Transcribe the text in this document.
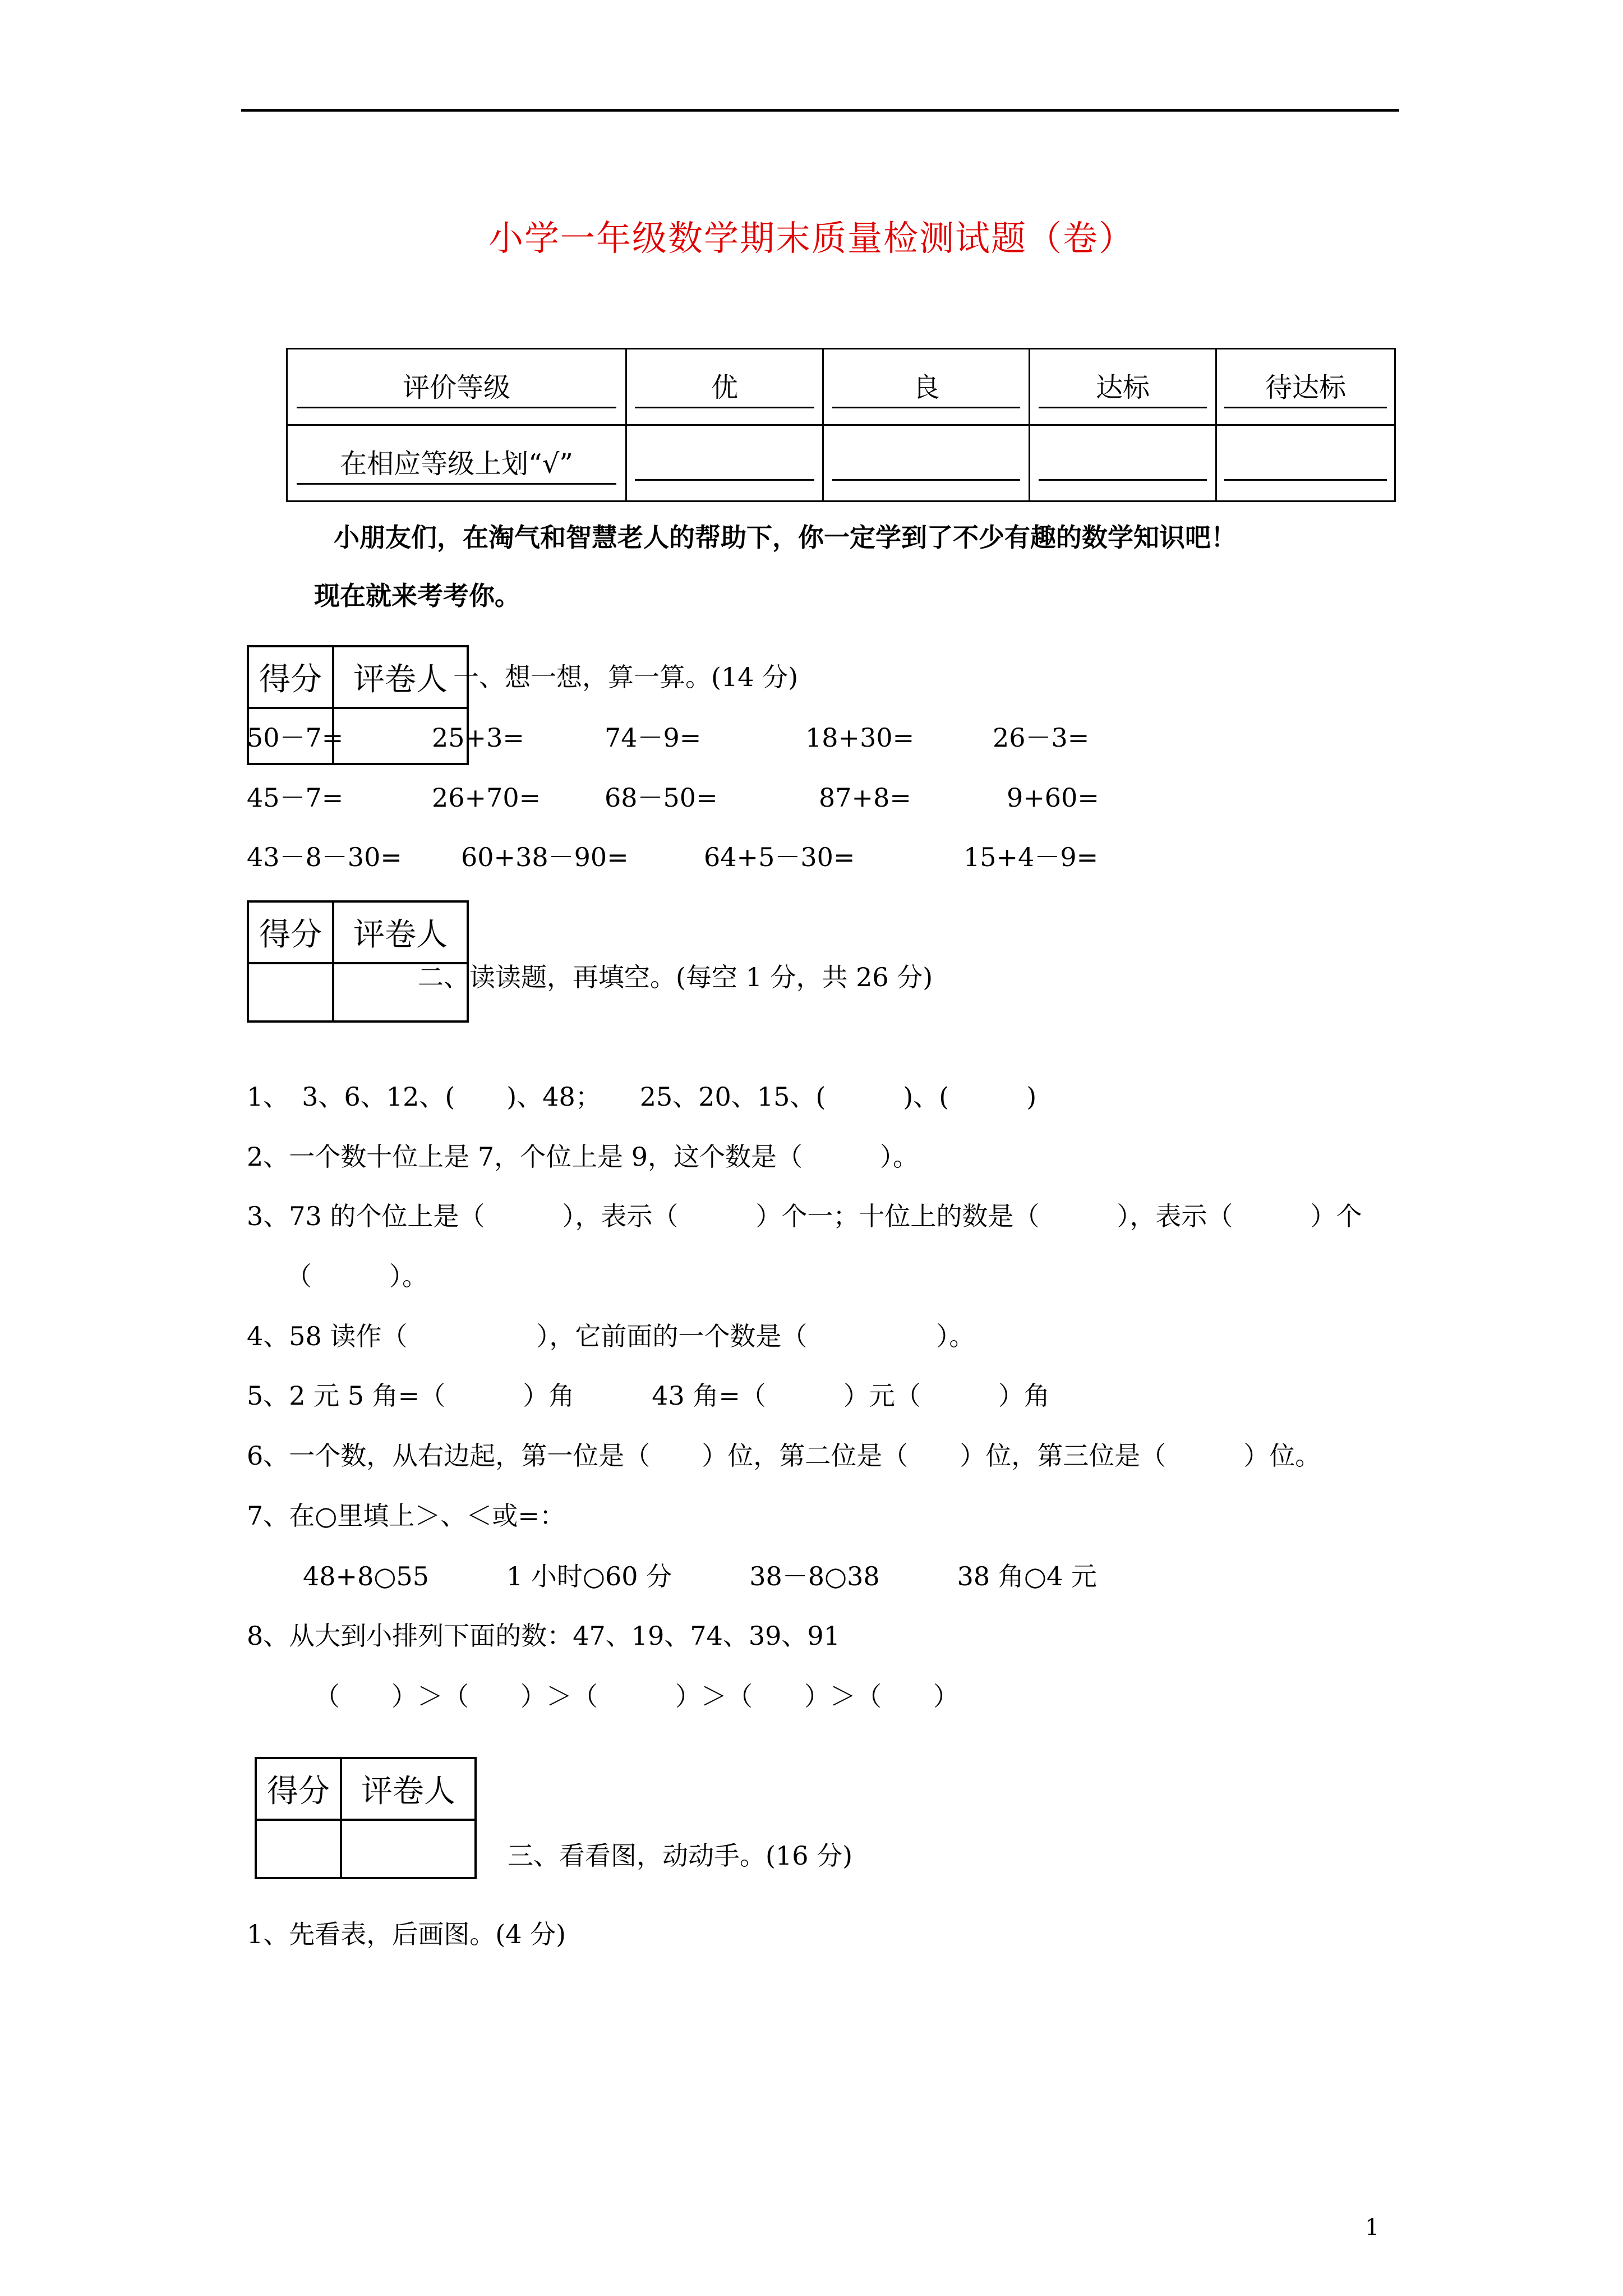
小学一年级数学期末质量检测试题（卷）
评价等级	优	良	达标	待达标
在相应等级上划“√”				
小朋友们，在淘气和智慧老人的帮助下，你一定学到了不少有趣的数学知识吧！
现在就来考考你。
得分	评卷人
	一、想一想，算一算。(14 分)
50－7=	25+3=	74－9=	18+30=	26－3=
45－7=	26+70= 68－50=	87+8=	9+60=
43－8－30= 60+38－90=	64+5－30=	15+4－9=
得分	评卷人

二、读读题，再填空。(每空 1 分，共 26 分)
1、　3、6、12、(　　)、48；　　25、20、15、(　　　)、(　　　)
2、一个数十位上是 7，个位上是 9，这个数是（　　　）。
3、73 的个位上是（　　　），表示（　　　）个一；十位上的数是（　　　），表示（　　　）个
（　　　）。
4、58 读作（　　　　　），它前面的一个数是（　　　　　）。
5、2 元 5 角=（　　　）角　　　43 角=（　　　）元（　　　）角
6、一个数，从右边起，第一位是（　　）位，第二位是（　　）位，第三位是（　　　）位。
7、在○里填上＞、＜或=：
48+8○55　　　1 小时○60 分　　　38－8○38　　　38 角○4 元
8、从大到小排列下面的数：47、19、74、39、91
（　　）＞（　　）＞（　　　）＞（　　）＞（　　）
得分	评卷人

三、看看图，动动手。(16 分)
1、先看表，后画图。(4 分)
1
